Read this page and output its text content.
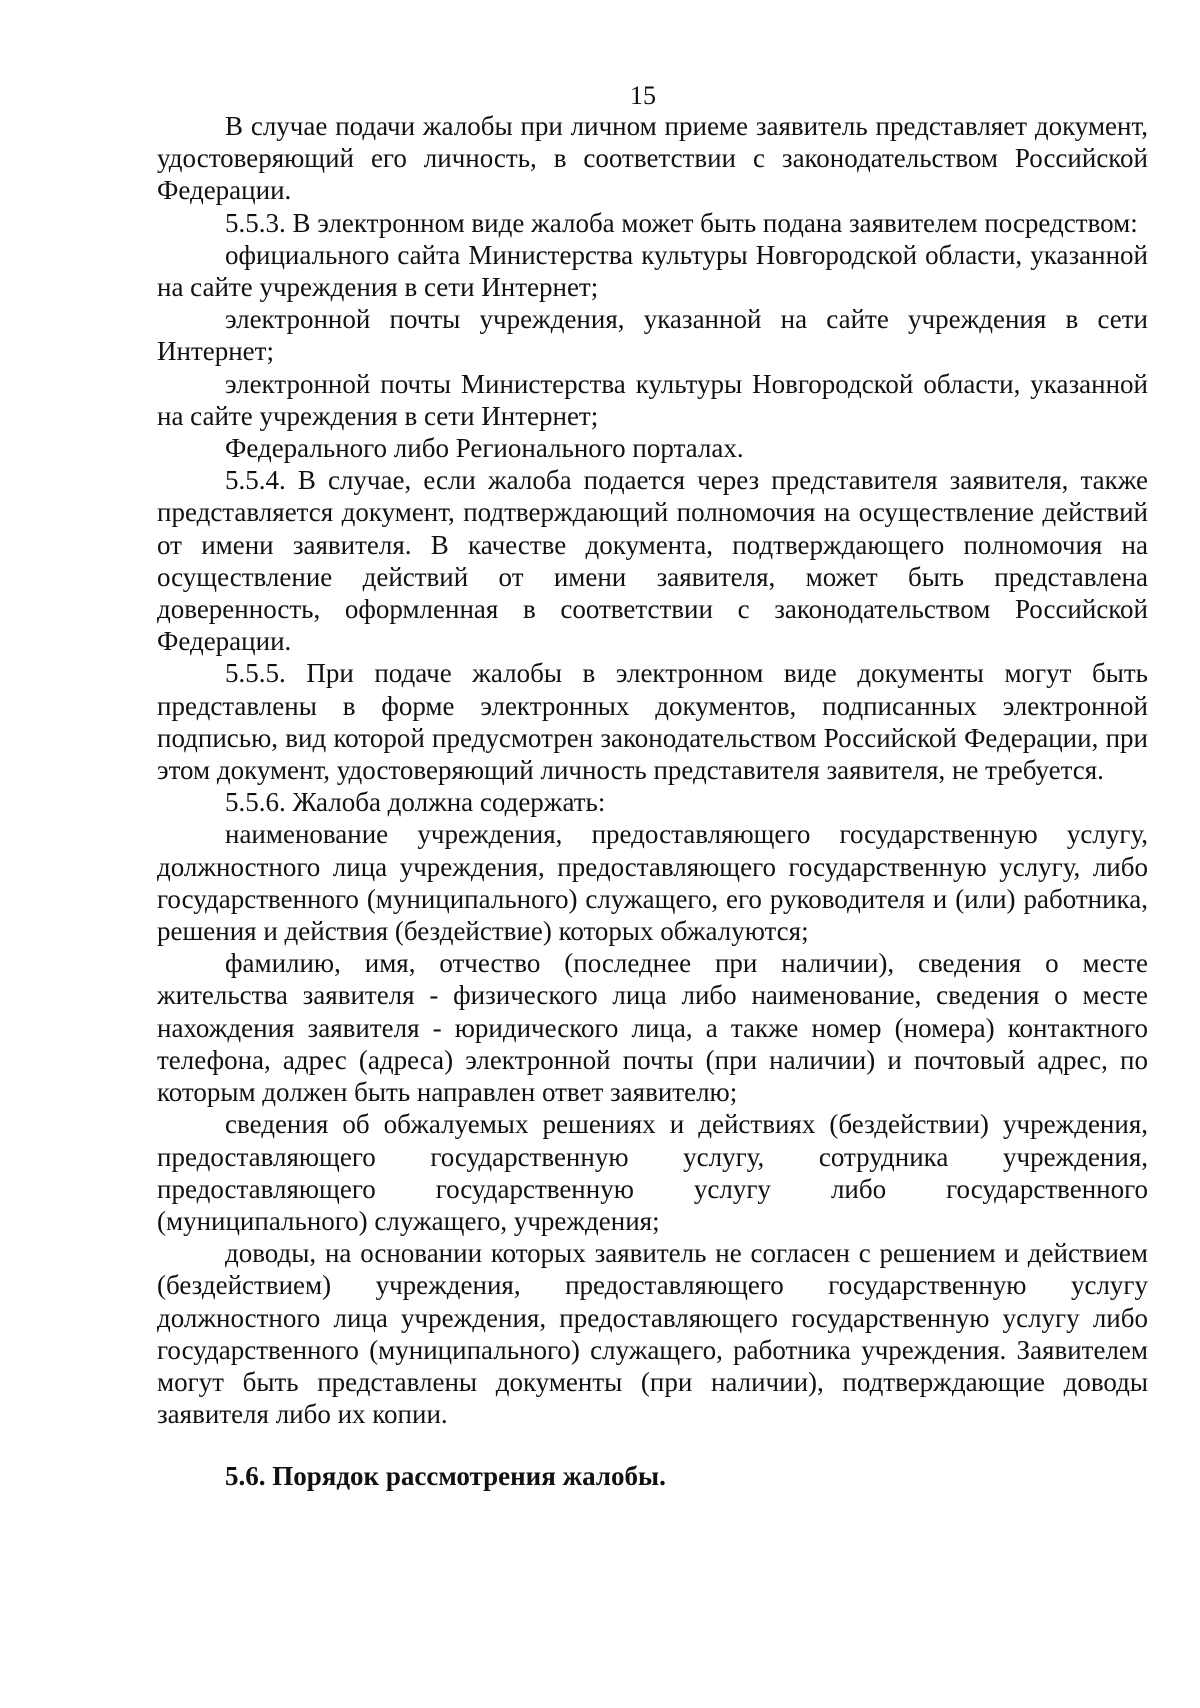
15

В случае подачи жалобы при личном приеме заявитель представляет документ, удостоверяющий его личность, в соответствии с законодательством Российской Федерации.

5.5.3. В электронном виде жалоба может быть подана заявителем посредством:

официального сайта Министерства культуры Новгородской области, указанной на сайте учреждения в сети Интернет;

электронной почты учреждения, указанной на сайте учреждения в сети Интернет;

электронной почты Министерства культуры Новгородской области, указанной на сайте учреждения в сети Интернет;

Федерального либо Регионального порталах.

5.5.4. В случае, если жалоба подается через представителя заявителя, также представляется документ, подтверждающий полномочия на осуществление действий от имени заявителя. В качестве документа, подтверждающего полномочия на осуществление действий от имени заявителя, может быть представлена доверенность, оформленная в соответствии с законодательством Российской Федерации.

5.5.5. При подаче жалобы в электронном виде документы могут быть представлены в форме электронных документов, подписанных электронной подписью, вид которой предусмотрен законодательством Российской Федерации, при этом документ, удостоверяющий личность представителя заявителя, не требуется.

5.5.6. Жалоба должна содержать:

наименование учреждения, предоставляющего государственную услугу, должностного лица учреждения, предоставляющего государственную услугу, либо государственного (муниципального) служащего, его руководителя и (или) работника, решения и действия (бездействие) которых обжалуются;

фамилию, имя, отчество (последнее при наличии), сведения о месте жительства заявителя - физического лица либо наименование, сведения о месте нахождения заявителя - юридического лица, а также номер (номера) контактного телефона, адрес (адреса) электронной почты (при наличии) и почтовый адрес, по которым должен быть направлен ответ заявителю;

сведения об обжалуемых решениях и действиях (бездействии) учреждения, предоставляющего государственную услугу, сотрудника учреждения, предоставляющего государственную услугу либо государственного (муниципального) служащего, учреждения;

доводы, на основании которых заявитель не согласен с решением и действием (бездействием) учреждения, предоставляющего государственную услугу должностного лица учреждения, предоставляющего государственную услугу либо государственного (муниципального) служащего, работника учреждения. Заявителем могут быть представлены документы (при наличии), подтверждающие доводы заявителя либо их копии.

5.6. Порядок рассмотрения жалобы.
